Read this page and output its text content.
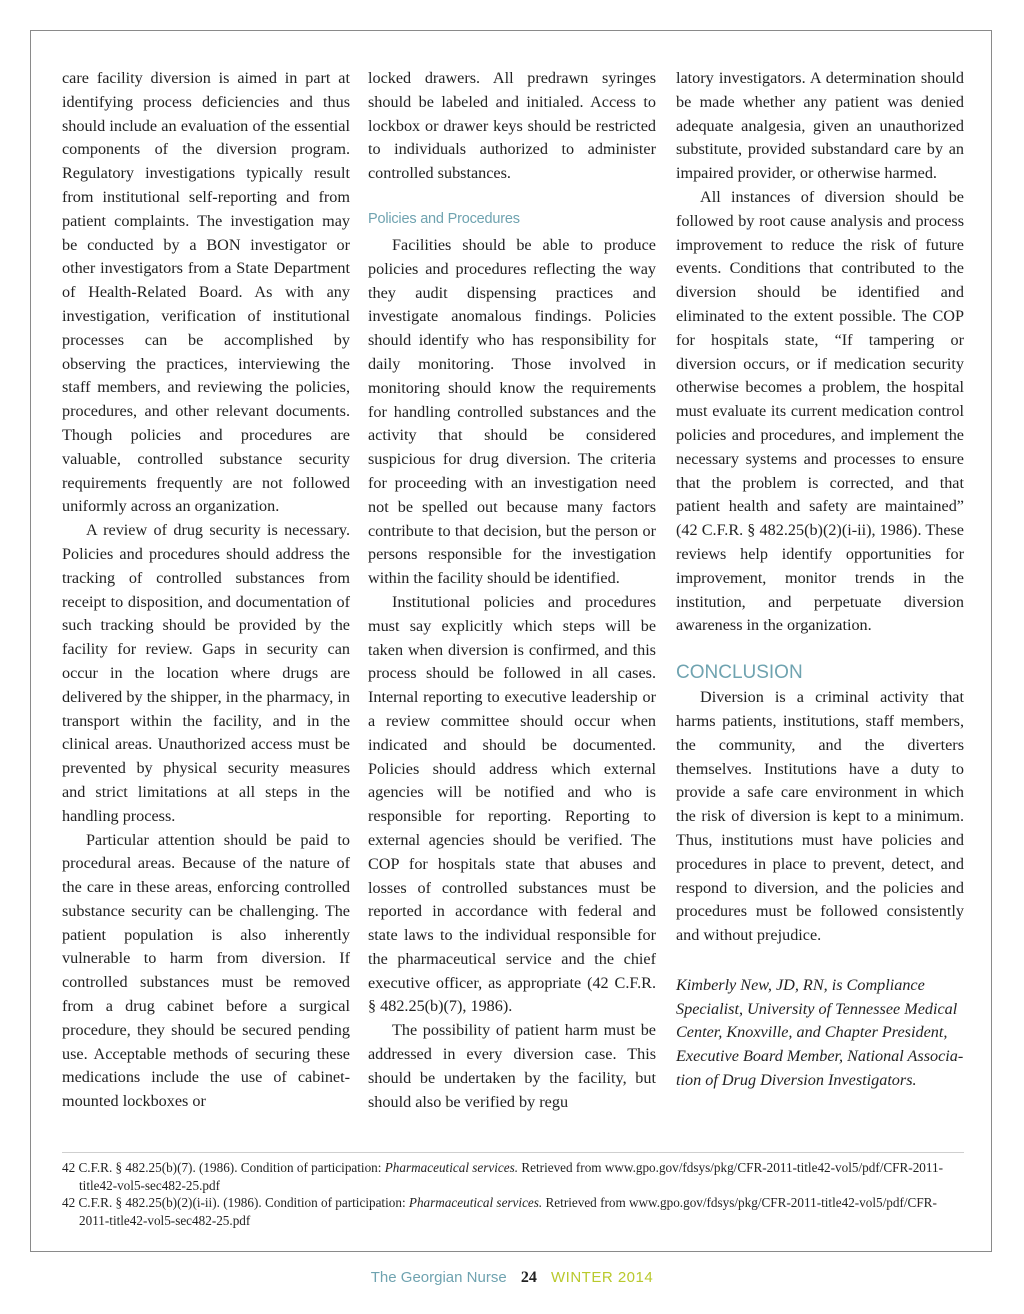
care facility diversion is aimed in part at identifying process deficiencies and thus should include an evaluation of the essential components of the diversion program. Regulatory investigations typically result from institutional self-reporting and from patient complaints. The investigation may be conducted by a BON investigator or other investigators from a State Department of Health-Related Board. As with any investigation, verification of institutional processes can be accomplished by observing the practices, interviewing the staff members, and reviewing the policies, procedures, and other relevant documents. Though policies and procedures are valuable, controlled substance security requirements frequently are not followed uniformly across an organization.

A review of drug security is necessary. Policies and procedures should address the tracking of controlled substances from receipt to disposition, and documentation of such tracking should be provided by the facility for review. Gaps in security can occur in the location where drugs are delivered by the shipper, in the pharmacy, in transport within the facility, and in the clinical areas. Unauthorized access must be prevented by physical security measures and strict limitations at all steps in the handling process.

Particular attention should be paid to procedural areas. Because of the nature of the care in these areas, enforcing controlled substance security can be challenging. The patient population is also inherently vulnerable to harm from diversion. If controlled substances must be removed from a drug cabinet before a surgical procedure, they should be secured pending use. Acceptable methods of securing these medications include the use of cabinet-mounted lockboxes or

locked drawers. All predrawn syringes should be labeled and initialed. Access to lockbox or drawer keys should be restricted to individuals authorized to administer controlled substances.

Policies and Procedures

Facilities should be able to produce policies and procedures reflecting the way they audit dispensing practices and investigate anomalous findings. Policies should identify who has responsibility for daily monitoring. Those involved in monitoring should know the requirements for handling controlled substances and the activity that should be considered suspicious for drug diversion. The criteria for proceeding with an investigation need not be spelled out because many factors contribute to that decision, but the person or persons responsible for the investigation within the facility should be identified.

Institutional policies and procedures must say explicitly which steps will be taken when diversion is confirmed, and this process should be followed in all cases. Internal reporting to executive leadership or a review committee should occur when indicated and should be documented. Policies should address which external agencies will be notified and who is responsible for reporting. Reporting to external agencies should be verified. The COP for hospitals state that abuses and losses of controlled substances must be reported in accordance with federal and state laws to the individual responsible for the pharmaceutical service and the chief executive officer, as appropriate (42 C.F.R. § 482.25(b)(7), 1986).

The possibility of patient harm must be addressed in every diversion case. This should be undertaken by the facility, but should also be verified by regu

latory investigators. A determination should be made whether any patient was denied adequate analgesia, given an unauthorized substitute, provided substandard care by an impaired provider, or otherwise harmed.

All instances of diversion should be followed by root cause analysis and process improvement to reduce the risk of future events. Conditions that contributed to the diversion should be identified and eliminated to the extent possible. The COP for hospitals state, “If tampering or diversion occurs, or if medication security otherwise becomes a problem, the hospital must evaluate its current medication control policies and procedures, and implement the necessary systems and processes to ensure that the problem is corrected, and that patient health and safety are maintained” (42 C.F.R. § 482.25(b)(2)(i-ii), 1986). These reviews help identify opportunities for improvement, monitor trends in the institution, and perpetuate diversion awareness in the organization.

CONCLUSION

Diversion is a criminal activity that harms patients, institutions, staff members, the community, and the diverters themselves. Institutions have a duty to provide a safe care environment in which the risk of diversion is kept to a minimum. Thus, institutions must have policies and procedures in place to prevent, detect, and respond to diversion, and the policies and procedures must be followed consistently and without prejudice.

Kimberly New, JD, RN, is Compliance Specialist, University of Tennessee Medical Center, Knoxville, and Chapter President, Executive Board Member, National Association of Drug Diversion Investigators.

42 C.F.R. § 482.25(b)(7). (1986). Condition of participation: Pharmaceutical services. Retrieved from www.gpo.gov/fdsys/pkg/CFR-2011-title42-vol5/pdf/CFR-2011-title42-vol5-sec482-25.pdf
42 C.F.R. § 482.25(b)(2)(i-ii). (1986). Condition of participation: Pharmaceutical services. Retrieved from www.gpo.gov/fdsys/pkg/CFR-2011-title42-vol5/pdf/CFR-2011-title42-vol5-sec482-25.pdf
The Georgian Nurse 24 WINTER 2014
